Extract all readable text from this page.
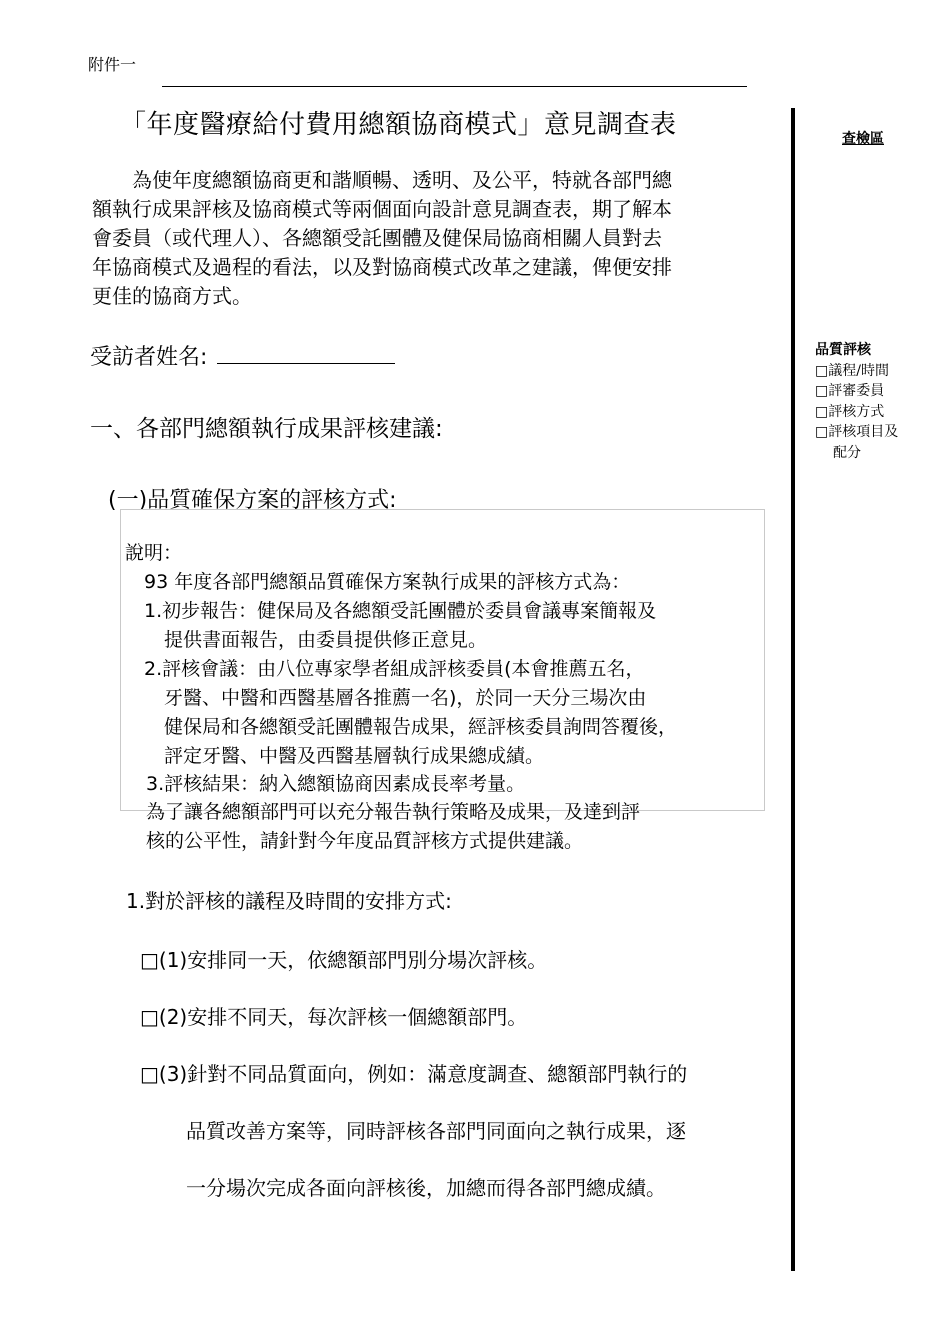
附件一
「年度醫療給付費用總額協商模式」意見調查表

　　為使年度總額協商更和諧順暢、透明、及公平，特就各部門總

額執行成果評核及協商模式等兩個面向設計意見調查表，期了解本

會委員（或代理人）、各總額受託團體及健保局協商相關人員對去

年協商模式及過程的看法，以及對協商模式改革之建議，俾便安排

更佳的協商方式。

受訪者姓名:
一、各部門總額執行成果評核建議:
(一)品質確保方案的評核方式:
說明：
93 年度各部門總額品質確保方案執行成果的評核方式為：
1.初步報告：健保局及各總額受託團體於委員會議專案簡報及
提供書面報告，由委員提供修正意見。
2.評核會議：由八位專家學者組成評核委員(本會推薦五名，
牙醫、中醫和西醫基層各推薦一名)，於同一天分三場次由
健保局和各總額受託團體報告成果，經評核委員詢問答覆後，
評定牙醫、中醫及西醫基層執行成果總成績。
3.評核結果：納入總額協商因素成長率考量。
為了讓各總額部門可以充分報告執行策略及成果，及達到評
核的公平性，請針對今年度品質評核方式提供建議。
1.對於評核的議程及時間的安排方式:
□(1)安排同一天，依總額部門別分場次評核。
□(2)安排不同天，每次評核一個總額部門。
□(3)針對不同品質面向，例如：滿意度調查、總額部門執行的
品質改善方案等，同時評核各部門同面向之執行成果，逐
一分場次完成各面向評核後，加總而得各部門總成績。
查檢區
品質評核
□議程/時間
□評審委員
□評核方式
□評核項目及
配分
